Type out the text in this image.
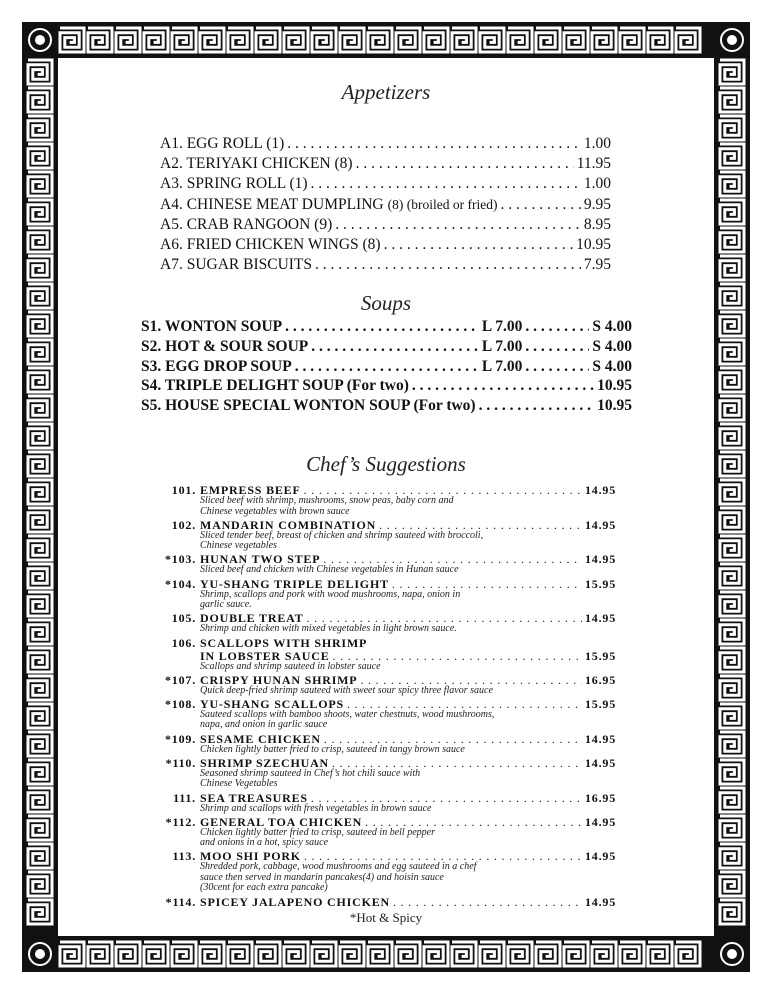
Appetizers
A1. EGG ROLL (1) . . .	1.00
A2. TERIYAKI CHICKEN (8) . . .	11.95
A3. SPRING ROLL (1) . . .	1.00
A4. CHINESE MEAT DUMPLING (8) (broiled or fried) . . .	9.95
A5. CRAB RANGOON (9) . . .	8.95
A6. FRIED CHICKEN WINGS (8) . . .	10.95
A7. SUGAR BISCUITS . . .	7.95
Soups
S1. WONTON SOUP . . .	L 7.00 . . .	S 4.00
S2. HOT & SOUR SOUP . . .	L 7.00 . . .	S 4.00
S3. EGG DROP SOUP . . .	L 7.00 . . .	S 4.00
S4. TRIPLE DELIGHT SOUP (For two) . . .	10.95
S5. HOUSE SPECIAL WONTON SOUP (For two) . . .	10.95
Chef’s Suggestions
101. EMPRESS BEEF . . .	14.95
Sliced beef with shrimp, mushrooms, snow peas, baby corn and
Chinese vegetables with brown sauce
102. MANDARIN COMBINATION . . .	14.95
Sliced tender beef, breast of chicken and shrimp sauteed with broccoli,
Chinese vegetables
*103. HUNAN TWO STEP . . .	14.95
Sliced beef and chicken with Chinese vegetables in Hunan sauce
*104. YU-SHANG TRIPLE DELIGHT . . .	15.95
Shrimp, scallops and pork with wood mushrooms, napa, onion in
garlic sauce.
105. DOUBLE TREAT . . .	14.95
Shrimp and chicken with mixed vegetables in light brown sauce.
106. SCALLOPS WITH SHRIMP
IN LOBSTER SAUCE . . .	15.95
Scallops and shrimp sauteed in lobster sauce
*107. CRISPY HUNAN SHRIMP . . .	16.95
Quick deep-fried shrimp sauteed with sweet sour spicy three flavor sauce
*108. YU-SHANG SCALLOPS . . .	15.95
Sauteed scallops with bamboo shoots, water chestnuts, wood mushrooms,
napa, and onion in garlic sauce
*109. SESAME CHICKEN . . .	14.95
Chicken lightly batter fried to crisp, sauteed in tangy brown sauce
*110. SHRIMP SZECHUAN . . .	14.95
Seasoned shrimp sauteed in Chef’s hot chili sauce with
Chinese Vegetables
111. SEA TREASURES . . .	16.95
Shrimp and scallops with fresh vegetables in brown sauce
*112. GENERAL TOA CHICKEN . . .	14.95
Chicken lightly batter fried to crisp, sauteed in bell pepper
and onions in a hot, spicy sauce
113. MOO SHI PORK . . .	14.95
Shredded pork, cabbage, wood mushrooms and egg sauteed in a chef
sauce then served in mandarin pancakes(4) and hoisin sauce
(30cent for each extra pancake)
*114. SPICEY JALAPENO CHICKEN . . .	14.95
*Hot & Spicy
